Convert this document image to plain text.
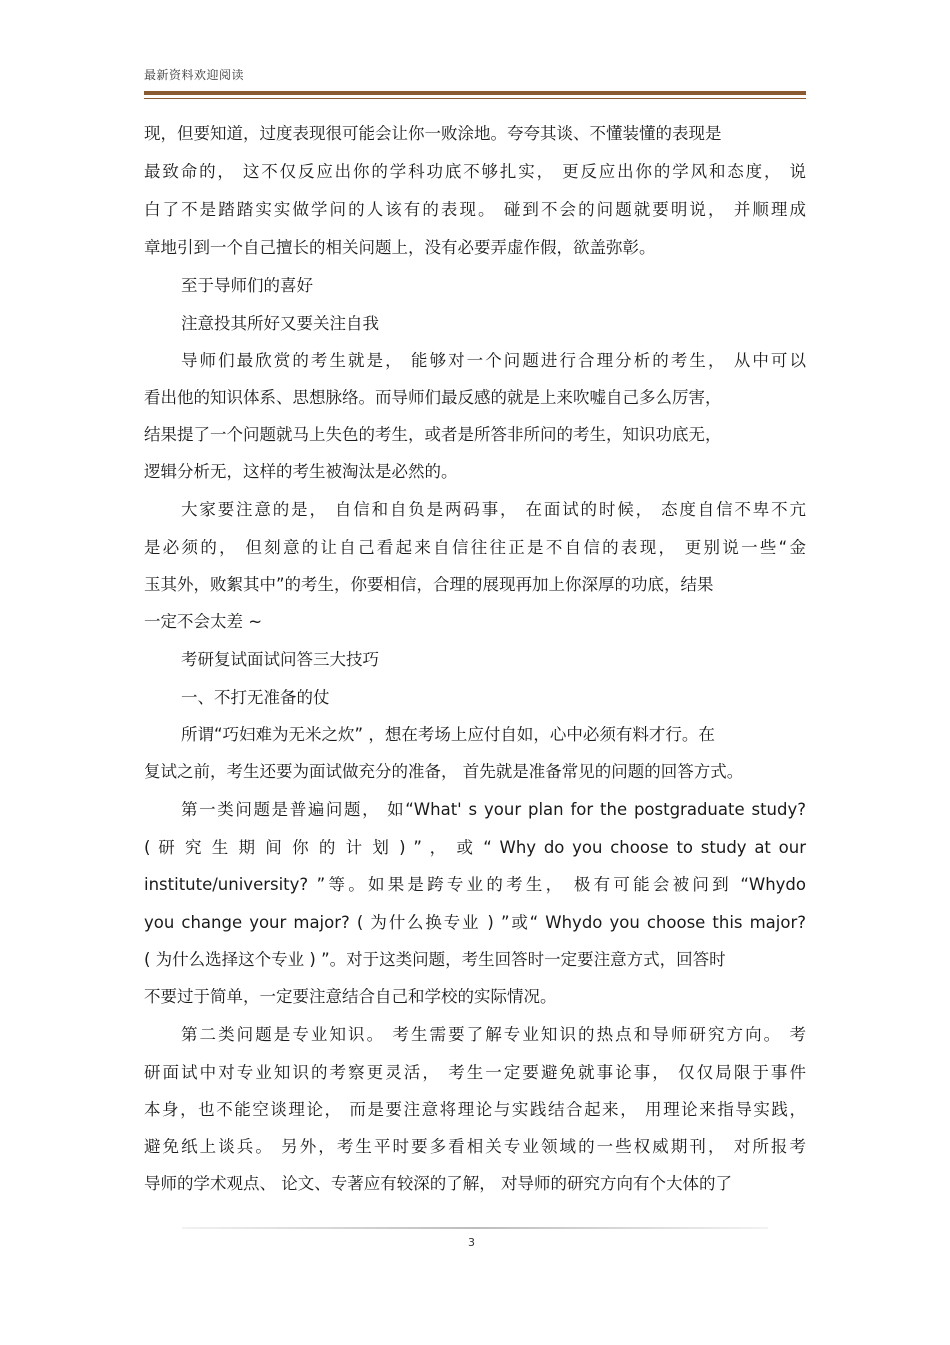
最新资料欢迎阅读
现，但要知道，过度表现很可能会让你一败涂地。夸夸其谈、不懂装懂的表现是
最致命的， 这不仅反应出你的学科功底不够扎实， 更反应出你的学风和态度， 说
白了不是踏踏实实做学问的人该有的表现。 碰到不会的问题就要明说， 并顺理成
章地引到一个自己擅长的相关问题上，没有必要弄虚作假，欲盖弥彰。
至于导师们的喜好
注意投其所好又要关注自我
导师们最欣赏的考生就是， 能够对一个问题进行合理分析的考生， 从中可以
看出他的知识体系、思想脉络。而导师们最反感的就是上来吹嘘自己多么厉害，
结果提了一个问题就马上失色的考生，或者是所答非所问的考生，知识功底无，
逻辑分析无，这样的考生被淘汰是必然的。
大家要注意的是， 自信和自负是两码事， 在面试的时候， 态度自信不卑不亢
是必须的， 但刻意的让自己看起来自信往往正是不自信的表现， 更别说一些“金
玉其外，败絮其中”的考生，你要相信，合理的展现再加上你深厚的功底，结果
一定不会太差 ~
考研复试面试问答三大技巧
一、不打无准备的仗
所谓“巧妇难为无米之炊” ，想在考场上应付自如，心中必须有料才行。在
复试之前，考生还要为面试做充分的准备， 首先就是准备常见的问题的回答方式。
第一类问题是普遍问题， 如“What' s your plan for the postgraduate study?
( 研 究 生 期 间 你 的 计 划 ) ” ， 或 “ Why do you choose to study at our
institute/university? ”等。如果是跨专业的考生， 极有可能会被问到 “Whydo
you change your major? ( 为什么换专业 ) ”或“ Whydo you choose this major?
( 为什么选择这个专业 ) ”。对于这类问题，考生回答时一定要注意方式，回答时
不要过于简单，一定要注意结合自己和学校的实际情况。
第二类问题是专业知识。 考生需要了解专业知识的热点和导师研究方向。 考
研面试中对专业知识的考察更灵活， 考生一定要避免就事论事， 仅仅局限于事件
本身，也不能空谈理论， 而是要注意将理论与实践结合起来， 用理论来指导实践，
避免纸上谈兵。 另外，考生平时要多看相关专业领域的一些权威期刊， 对所报考
导师的学术观点、 论文、专著应有较深的了解， 对导师的研究方向有个大体的了
3
